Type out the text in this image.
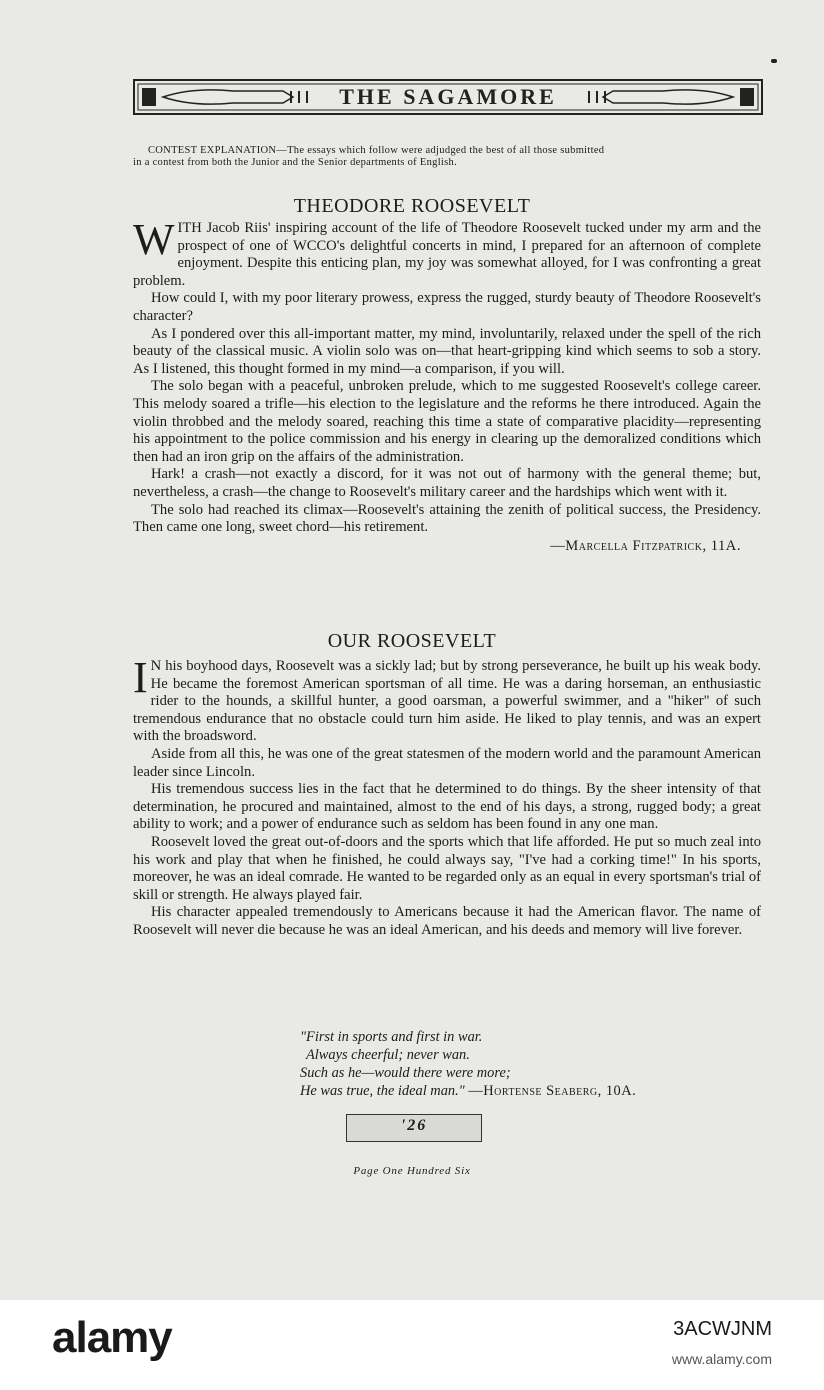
THE SAGAMORE
CONTEST EXPLANATION—The essays which follow were adjudged the best of all those submitted
in a contest from both the Junior and the Senior departments of English.
THEODORE ROOSEVELT

WITH Jacob Riis' inspiring account of the life of Theodore Roosevelt tucked under my arm and the prospect of one of WCCO's delightful concerts in mind, I prepared for an afternoon of complete enjoyment. Despite this enticing plan, my joy was somewhat alloyed, for I was confronting a great problem.

How could I, with my poor literary prowess, express the rugged, sturdy beauty of Theodore Roosevelt's character?

As I pondered over this all-important matter, my mind, involuntarily, relaxed under the spell of the rich beauty of the classical music. A violin solo was on—that heart-gripping kind which seems to sob a story. As I listened, this thought formed in my mind—a comparison, if you will.

The solo began with a peaceful, unbroken prelude, which to me suggested Roosevelt's college career. This melody soared a trifle—his election to the legislature and the reforms he there introduced. Again the violin throbbed and the melody soared, reaching this time a state of comparative placidity—representing his appointment to the police commission and his energy in clearing up the demoralized conditions which then had an iron grip on the affairs of the administration.

Hark! a crash—not exactly a discord, for it was not out of harmony with the general theme; but, nevertheless, a crash—the change to Roosevelt's military career and the hardships which went with it.

The solo had reached its climax—Roosevelt's attaining the zenith of political success, the Presidency. Then came one long, sweet chord—his retirement.

—Marcella Fitzpatrick, 11A.
OUR ROOSEVELT

I N his boyhood days, Roosevelt was a sickly lad; but by strong perseverance, he built up his weak body. He became the foremost American sportsman of all time. He was a daring horseman, an enthusiastic rider to the hounds, a skillful hunter, a good oarsman, a powerful swimmer, and a "hiker" of such tremendous endurance that no obstacle could turn him aside. He liked to play tennis, and was an expert with the broadsword.

Aside from all this, he was one of the great statesmen of the modern world and the paramount American leader since Lincoln.

His tremendous success lies in the fact that he determined to do things. By the sheer intensity of that determination, he procured and maintained, almost to the end of his days, a strong, rugged body; a great ability to work; and a power of endurance such as seldom has been found in any one man.

Roosevelt loved the great out-of-doors and the sports which that life afforded. He put so much zeal into his work and play that when he finished, he could always say, "I've had a corking time!" In his sports, moreover, he was an ideal comrade. He wanted to be regarded only as an equal in every sportsman's trial of skill or strength. He always played fair.

His character appealed tremendously to Americans because it had the American flavor. The name of Roosevelt will never die because he was an ideal American, and his deeds and memory will live forever.

"First in sports and first in war.
Always cheerful; never wan.
Such as he—would there were more;
He was true, the ideal man." —Hortense Seaberg, 10A.
'26
Page One Hundred Six
alamy	3ACWJNM
www.alamy.com
